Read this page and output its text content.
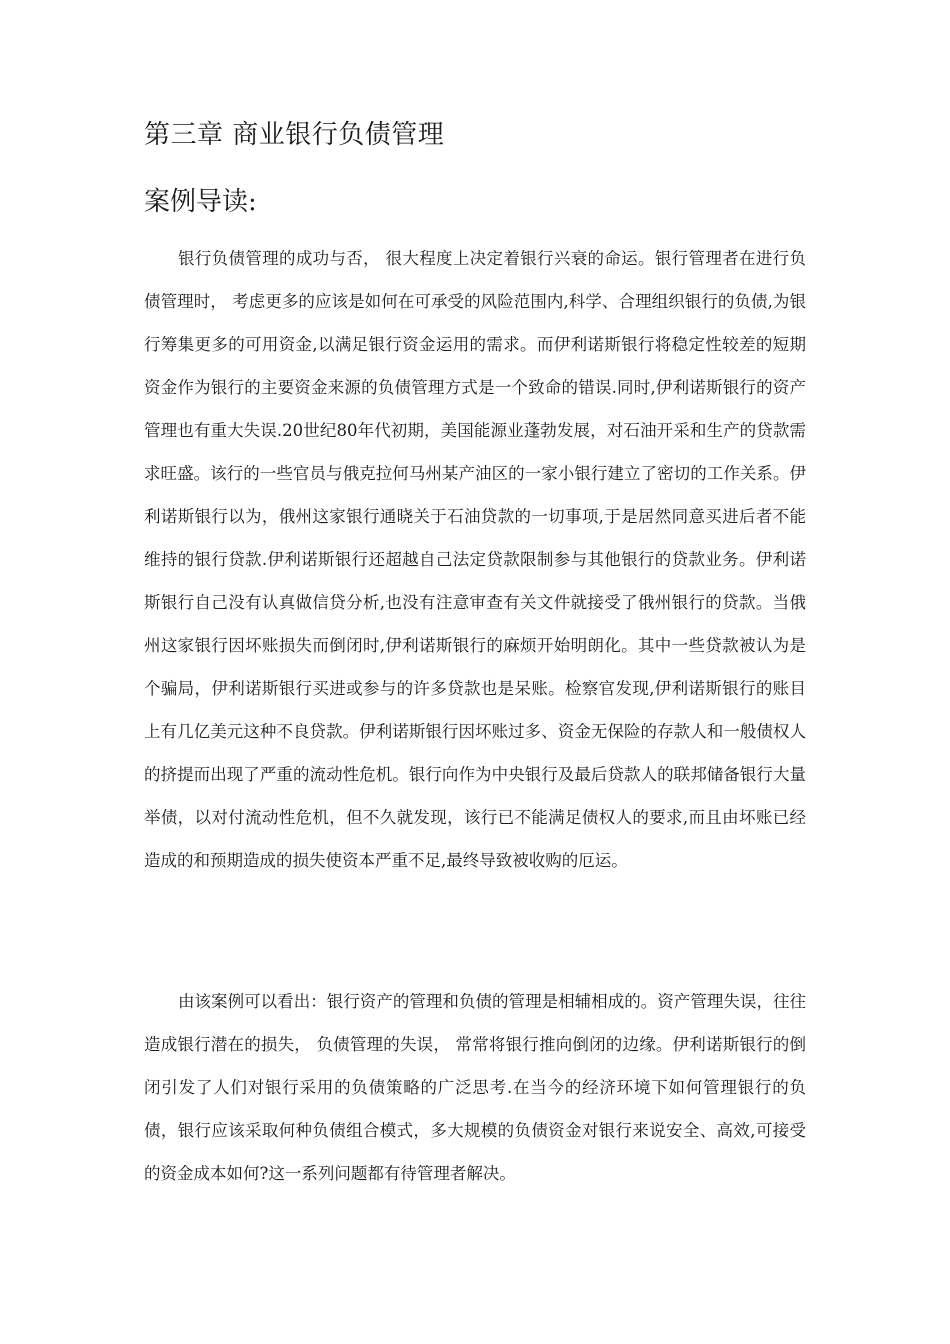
第三章 商业银行负债管理
案例导读:

银行负债管理的成功与否， 很大程度上决定着银行兴衰的命运。银行管理者在进行负债管理时， 考虑更多的应该是如何在可承受的风险范围内,科学、合理组织银行的负债,为银行筹集更多的可用资金,以满足银行资金运用的需求。而伊利诺斯银行将稳定性较差的短期资金作为银行的主要资金来源的负债管理方式是一个致命的错误.同时,伊利诺斯银行的资产管理也有重大失误.20世纪80年代初期，美国能源业蓬勃发展，对石油开采和生产的贷款需求旺盛。该行的一些官员与俄克拉何马州某产油区的一家小银行建立了密切的工作关系。伊利诺斯银行以为，俄州这家银行通晓关于石油贷款的一切事项,于是居然同意买进后者不能维持的银行贷款.伊利诺斯银行还超越自己法定贷款限制参与其他银行的贷款业务。伊利诺斯银行自己没有认真做信贷分析,也没有注意审查有关文件就接受了俄州银行的贷款。当俄州这家银行因坏账损失而倒闭时,伊利诺斯银行的麻烦开始明朗化。其中一些贷款被认为是个骗局，伊利诺斯银行买进或参与的许多贷款也是呆账。检察官发现,伊利诺斯银行的账目上有几亿美元这种不良贷款。伊利诺斯银行因坏账过多、资金无保险的存款人和一般债权人的挤提而出现了严重的流动性危机。银行向作为中央银行及最后贷款人的联邦储备银行大量举债，以对付流动性危机，但不久就发现，该行已不能满足债权人的要求,而且由坏账已经造成的和预期造成的损失使资本严重不足,最终导致被收购的厄运。

由该案例可以看出：银行资产的管理和负债的管理是相辅相成的。资产管理失误，往往造成银行潜在的损失， 负债管理的失误， 常常将银行推向倒闭的边缘。伊利诺斯银行的倒闭引发了人们对银行采用的负债策略的广泛思考.在当今的经济环境下如何管理银行的负债，银行应该采取何种负债组合模式，多大规模的负债资金对银行来说安全、高效,可接受的资金成本如何?这一系列问题都有待管理者解决。
